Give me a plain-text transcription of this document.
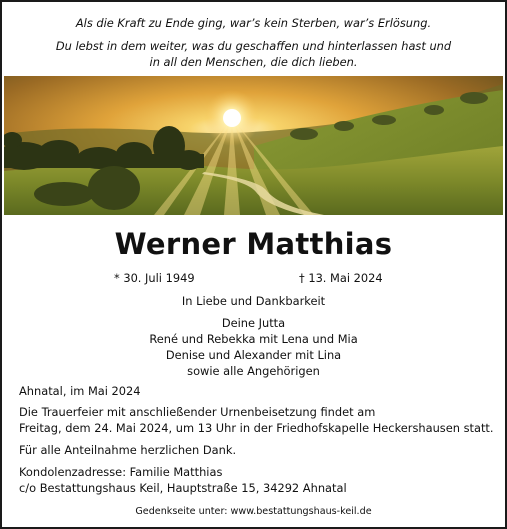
Als die Kraft zu Ende ging, war’s kein Sterben, war’s Erlösung.
Du lebst in dem weiter, was du geschaffen und hinterlassen hast und
in all den Menschen, die dich lieben.
Werner Matthias
* 30. Juli 1949	† 13. Mai 2024
In Liebe und Dankbarkeit
Deine Jutta
René und Rebekka mit Lena und Mia
Denise und Alexander mit Lina
sowie alle Angehörigen
Ahnatal, im Mai 2024
Die Trauerfeier mit anschließender Urnenbeisetzung findet am
Freitag, dem 24. Mai 2024, um 13 Uhr in der Friedhofskapelle Heckershausen statt.
Für alle Anteilnahme herzlichen Dank.
Kondolenzadresse: Familie Matthias
c/o Bestattungshaus Keil, Hauptstraße 15, 34292 Ahnatal
Gedenkseite unter: www.bestattungshaus-keil.de
